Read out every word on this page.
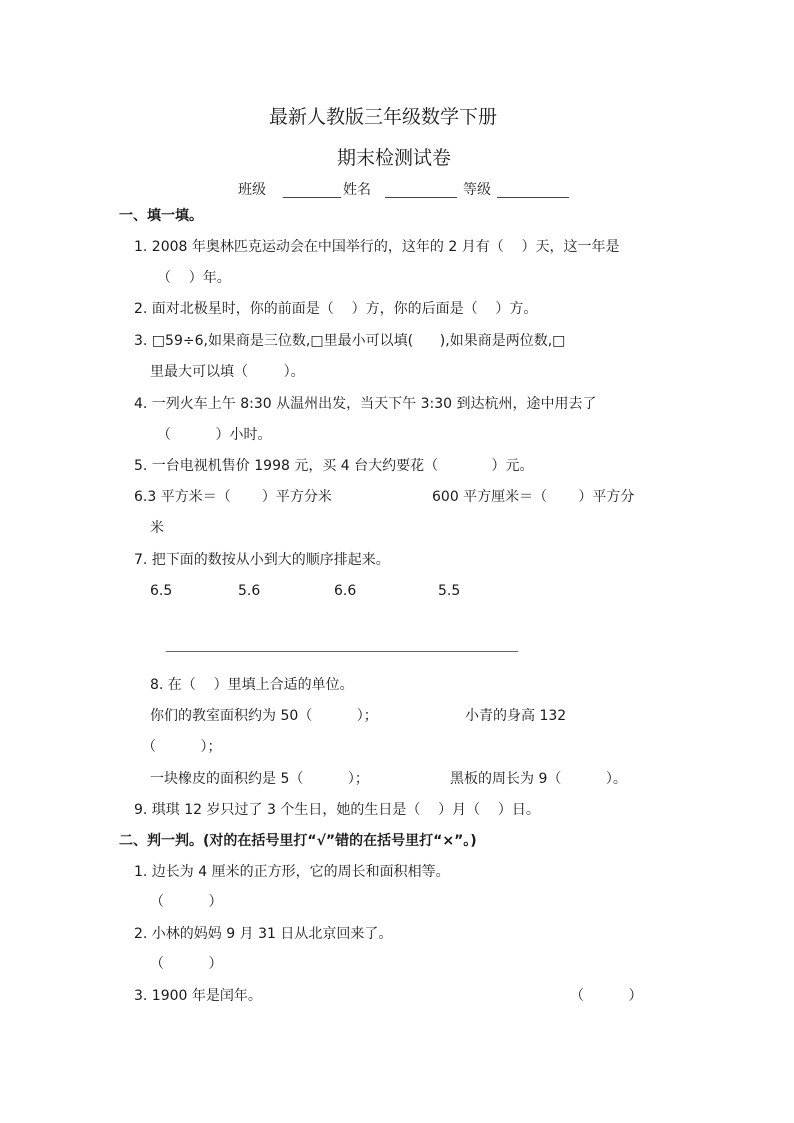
最新人教版三年级数学下册
期末检测试卷
班级	姓名	等级
一、填一填。
1. 2008 年奥林匹克运动会在中国举行的，这年的 2 月有（    ）天，这一年是
（    ）年。
2. 面对北极星时，你的前面是（    ）方，你的后面是（    ）方。
3. □59÷6,如果商是三位数,□里最小可以填(      ),如果商是两位数,□
里最大可以填（        ）。
4. 一列火车上午 8:30 从温州出发，当天下午 3:30 到达杭州，途中用去了
（          ）小时。
5. 一台电视机售价 1998 元，买 4 台大约要花（            ）元。
6.3 平方米＝（       ）平方分米	600 平方厘米＝（       ）平方分
米
7. 把下面的数按从小到大的顺序排起来。
6.5	5.6	6.6	5.5
8. 在（    ）里填上合适的单位。
你们的教室面积约为 50（          ）；	小青的身高 132
（          ）；
一块橡皮的面积约是 5（          ）；	黑板的周长为 9（          ）。
9. 琪琪 12 岁只过了 3 个生日，她的生日是（    ）月（    ）日。
二、判一判。(对的在括号里打“√”错的在括号里打“×”。)
1. 边长为 4 厘米的正方形，它的周长和面积相等。
（          ）
2. 小林的妈妈 9 月 31 日从北京回来了。
（          ）
3. 1900 年是闰年。	（          ）
